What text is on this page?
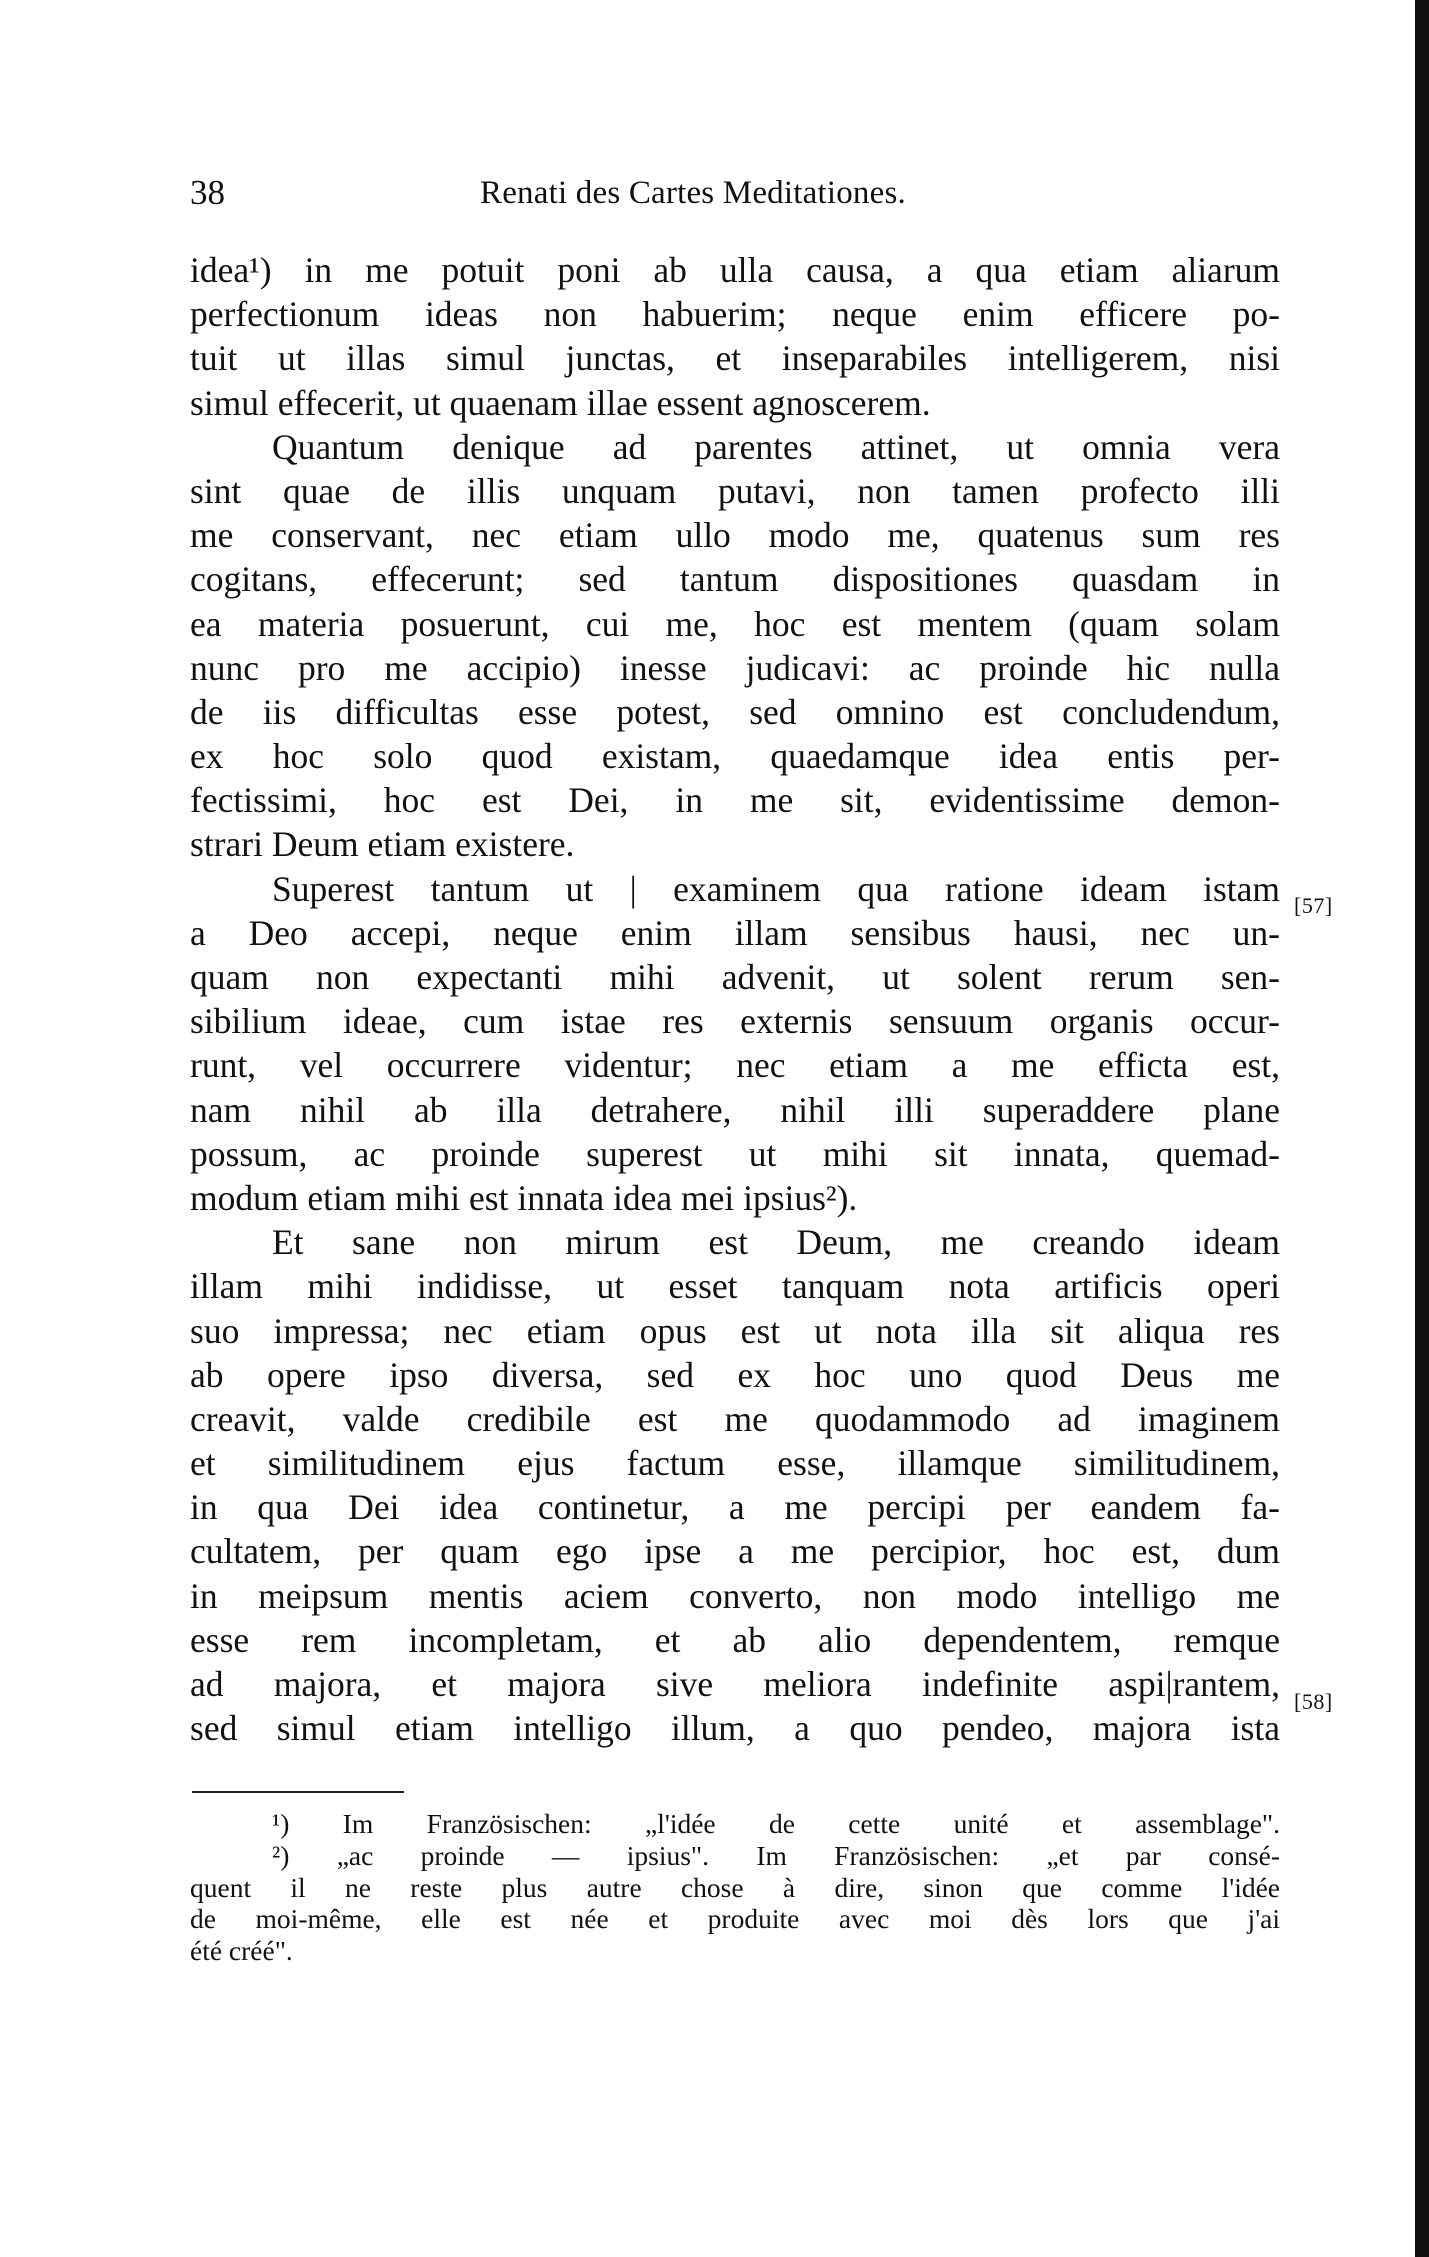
38	Renati des Cartes Meditationes.
idea¹) in me potuit poni ab ulla causa, a qua etiam aliarum
perfectionum ideas non habuerim; neque enim efficere po-
tuit ut illas simul junctas, et inseparabiles intelligerem, nisi
simul effecerit, ut quaenam illae essent agnoscerem.
Quantum denique ad parentes attinet, ut omnia vera
sint quae de illis unquam putavi, non tamen profecto illi
me conservant, nec etiam ullo modo me, quatenus sum res
cogitans, effecerunt; sed tantum dispositiones quasdam in
ea materia posuerunt, cui me, hoc est mentem (quam solam
nunc pro me accipio) inesse judicavi: ac proinde hic nulla
de iis difficultas esse potest, sed omnino est concludendum,
ex hoc solo quod existam, quaedamque idea entis per-
fectissimi, hoc est Dei, in me sit, evidentissime demon-
strari Deum etiam existere.
Superest tantum ut | examinem qua ratione ideam istam
a Deo accepi, neque enim illam sensibus hausi, nec un-
quam non expectanti mihi advenit, ut solent rerum sen-
sibilium ideae, cum istae res externis sensuum organis occur-
runt, vel occurrere videntur; nec etiam a me efficta est,
nam nihil ab illa detrahere, nihil illi superaddere plane
possum, ac proinde superest ut mihi sit innata, quemad-
modum etiam mihi est innata idea mei ipsius²).
Et sane non mirum est Deum, me creando ideam
illam mihi indidisse, ut esset tanquam nota artificis operi
suo impressa; nec etiam opus est ut nota illa sit aliqua res
ab opere ipso diversa, sed ex hoc uno quod Deus me
creavit, valde credibile est me quodammodo ad imaginem
et similitudinem ejus factum esse, illamque similitudinem,
in qua Dei idea continetur, a me percipi per eandem fa-
cultatem, per quam ego ipse a me percipior, hoc est, dum
in meipsum mentis aciem converto, non modo intelligo me
esse rem incompletam, et ab alio dependentem, remque
ad majora, et majora sive meliora indefinite aspi|rantem,
sed simul etiam intelligo illum, a quo pendeo, majora ista
[57]
[58]
¹) Im Französischen: „l'idée de cette unité et assemblage".
²) „ac proinde — ipsius". Im Französischen: „et par consé-
quent il ne reste plus autre chose à dire, sinon que comme l'idée
de moi-même, elle est née et produite avec moi dès lors que j'ai
été créé".
